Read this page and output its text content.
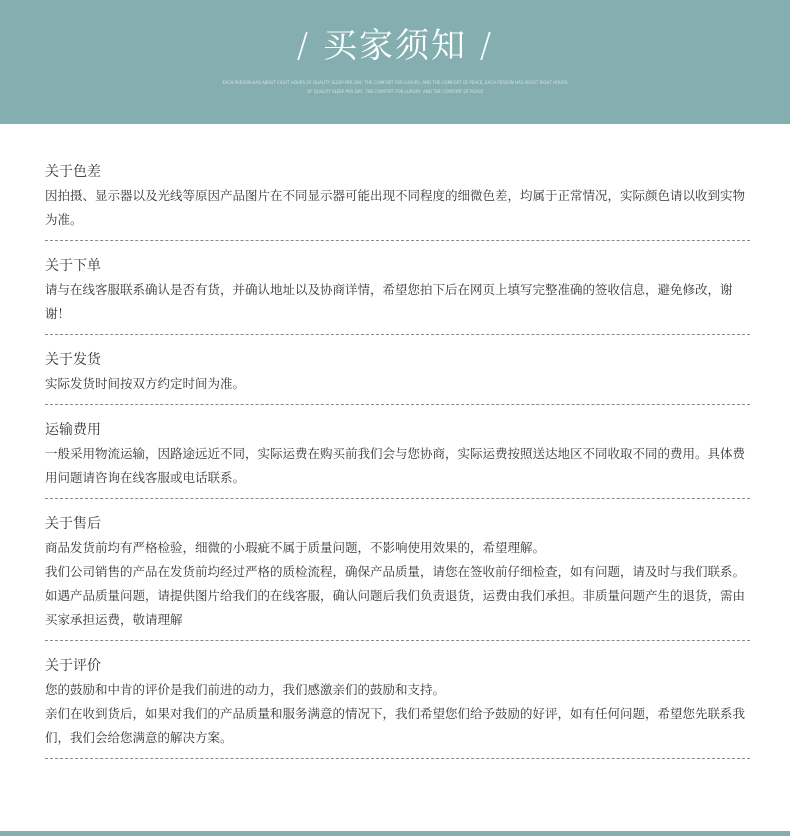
/ 买家须知 /
EACH PERSON HAS ABOUT EIGHT HOURS OF QUALITY SLEEP PER DAY, THE COMFORT FOR LUXURY, AND THE COMFORT OF PEACE, EACH PERSON HAS ABOUT EIGHT HOURS
OF QUALITY SLEEP PER DAY, THE COMFORT FOR LUXURY, AND THE COMFORT OF PEACE
关于色差

因拍摄、显示器以及光线等原因产品图片在不同显示器可能出现不同程度的细微色差，均属于正常情况，实际颜色请以收到实物为准。

关于下单

请与在线客服联系确认是否有货，并确认地址以及协商详情，希望您拍下后在网页上填写完整准确的签收信息，避免修改，谢谢！

关于发货

实际发货时间按双方约定时间为准。

运输费用

一般采用物流运输，因路途远近不同，实际运费在购买前我们会与您协商，实际运费按照送达地区不同收取不同的费用。具体费用问题请咨询在线客服或电话联系。

关于售后

商品发货前均有严格检验，细微的小瑕疵不属于质量问题，不影响使用效果的，希望理解。

我们公司销售的产品在发货前均经过严格的质检流程，确保产品质量，请您在签收前仔细检查，如有问题，请及时与我们联系。

如遇产品质量问题，请提供图片给我们的在线客服，确认问题后我们负责退货，运费由我们承担。非质量问题产生的退货，需由买家承担运费，敬请理解

关于评价

您的鼓励和中肯的评价是我们前进的动力，我们感激亲们的鼓励和支持。

亲们在收到货后，如果对我们的产品质量和服务满意的情况下，我们希望您们给予鼓励的好评，如有任何问题，希望您先联系我们，我们会给您满意的解决方案。
